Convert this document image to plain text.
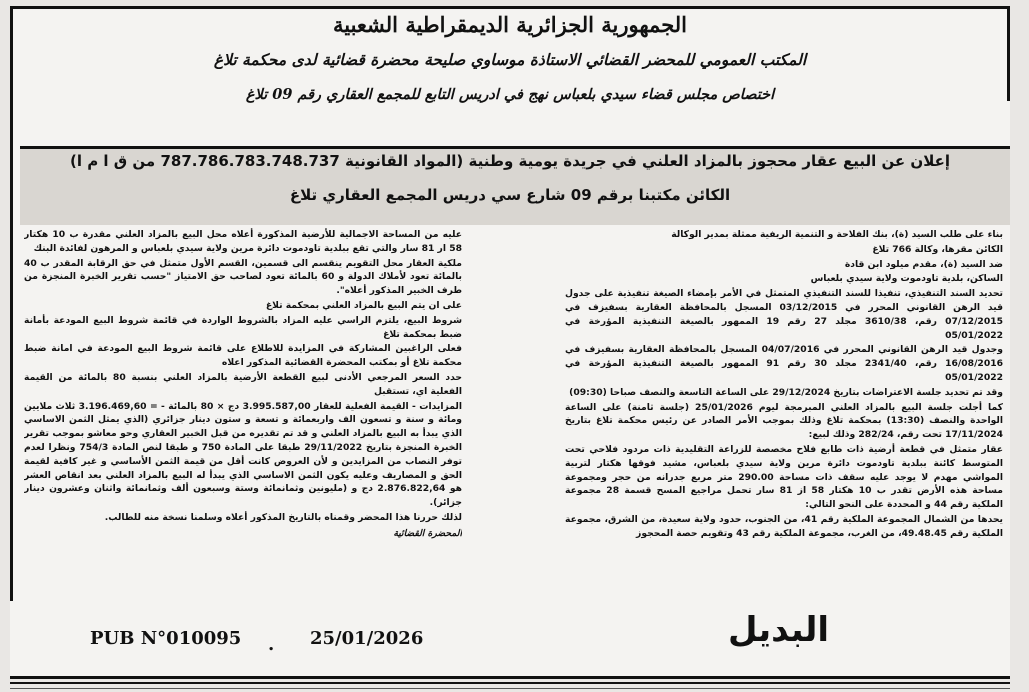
الجمهورية الجزائرية الديمقراطية الشعبية
المكتب العمومي للمحضر القضائي الاستاذة موساوي صليحة محضرة قضائية لدى محكمة تلاغ
اختصاص مجلس قضاء سيدي بلعباس نهج في ادريس التابع للمجمع العقاري رقم 09 تلاغ
إعلان عن البيع عقار محجوز بالمزاد العلني في جريدة يومية وطنية (المواد القانونية 787.786.783.748.737 من ق ا م ا)
الكائن مكتبنا برقم 09 شارع سي دريس المجمع العقاري تلاغ

بناء على طلب السيد (ة)، بنك الفلاحة و التنمية الريفية ممثلة بمدير الوكالة

الكائن مقرها، وكالة 766 تلاغ

ضد السيد (ة)، مقدم ميلود ابن قادة

الساكن، بلدية تاودموت ولاية سيدي بلعباس

تحديد السند التنفيذي، تنفيذا للسند التنفيذي المتمثل في الأمر بإمضاء الصيغة تنفيذية على جدول قيد الرهن القانوني المحرر في 03/12/2015 المسجل بالمحافظة العقارية بسفيزف في 07/12/2015 رقم، 3610/38 مجلد 27 رقم 19 الممهور بالصيغة التنفيذية المؤرخة في 05/01/2022

وجدول قيد الرهن القانوني المحرر في 04/07/2016 المسجل بالمحافظة العقارية بسفيزف في 16/08/2016 رقم، 2341/40 مجلد 30 رقم 91 الممهور بالصيغة التنفيذية المؤرخة في 05/01/2022

وقد تم تحديد جلسة الاعتراضات بتاريخ 29/12/2024 على الساعة التاسعة والنصف صباحا (09:30)

كما أجلت جلسة البيع بالمزاد العلني المبرمجة ليوم 25/01/2026 (جلسة ثامنة) على الساعة الواحدة والنصف (13:30) بمحكمة تلاغ وذلك بموجب الأمر الصادر عن رئيس محكمة تلاغ بتاريخ 17/11/2024 تحت رقم، 282/24 وذلك لبيع:

عقار متمثل في قطعة أرضية ذات طابع فلاح مخصصة للزراعة التقليدية ذات مردود فلاحي تحت المتوسط كائنة ببلدية تاودموت دائرة مرين ولاية سيدي بلعباس، مشيد فوقها هكتار لتربية المواشي مهدم لا يوجد عليه سقف ذات مساحة 290.00 متر مربع جدرانه من حجر ومجموعة مساحة هذه الأرض تقدر ب 10 هكتار 58 از 81 سار تحمل مراجيع المسح قسمة 28 مجموعة الملكية رقم 44 و المحددة على النحو التالي:

يحدها من الشمال المجموعة الملكية رقم 41، من الجنوب، حدود ولاية سعيدة، من الشرق، مجموعة الملكية رقم 49.48.45، من الغرب، مجموعة الملكية رقم 43 وتقويم حصة المحجوز

عليه من المساحة الاجمالية للأرضية المذكورة أعلاه محل البيع بالمزاد العلني مقدرة ب 10 هكتار 58 ار 81 سار والتي تقع ببلدية تاودموت دائرة مرين ولاية سيدي بلعباس و المرهون لفائدة البنك

ملكية العقار محل التقويم ينقسم الى قسمين، القسم الأول متمثل في حق الرقابة المقدر ب 40 بالمائة تعود لأملاك الدولة و 60 بالمائة تعود لصاحب حق الامتياز "حسب تقرير الخبرة المنجزة من طرف الخبير المذكور أعلاه".

على ان يتم البيع بالمزاد العلني بمحكمة تلاغ

شروط البيع، يلتزم الراسي عليه المزاد بالشروط الواردة في قائمة شروط البيع المودعة بأمانة ضبط بمحكمة تلاغ

فعلى الراغبين المشاركة في المزايدة للاطلاع على قائمة شروط البيع المودعة في امانة ضبط محكمة تلاغ أو بمكتب المحضرة القضائية المذكور اعلاه

حدد السعر المرجعي الأدنى لبيع القطعة الأرضية بالمزاد العلني بنسبة 80 بالمائة من القيمة الفعلية اي، تستقبل

المزايدات - القيمة الفعلية للعقار 3.995.587,00 دج × 80 بالمائة - = 3.196.469,60 ثلاث ملايين ومائة و سنة و تسعون الف واربعمائة و تسعة و ستون دينار جزائري (الذي يمثل الثمن الاساسي الذي يبدأ به البيع بالمزاد العلني و قد تم تقديره من قبل الخبير العقاري وحو معاشو بموجب تقرير الخبرة المنجزة بتاريخ 29/11/2022 طبقا على المادة 750 و طبقا لنص المادة 754/3 ونظرا لعدم توفر النصاب من المزايدين و لأن العروض كانت أقل من قيمة الثمن الأساسي و غير كافية لقيمة الحق و المصاريف وعليه يكون الثمن الاساسي الذي يبدأ له البيع بالمزاد العلني بعد انقاص العشر هو 2.876.822,64 دج و (مليونين وثمانمائة وستة وسبعون ألف وثمانمائة واثنان وعشرون دينار جزائر).

لذلك حررنا هذا المحضر وقمناه بالتاريخ المذكور أعلاه وسلمنا نسخة منه للطالب.

المحضرة القضائية

PUB N°010095 . 25/01/2026	البديل
